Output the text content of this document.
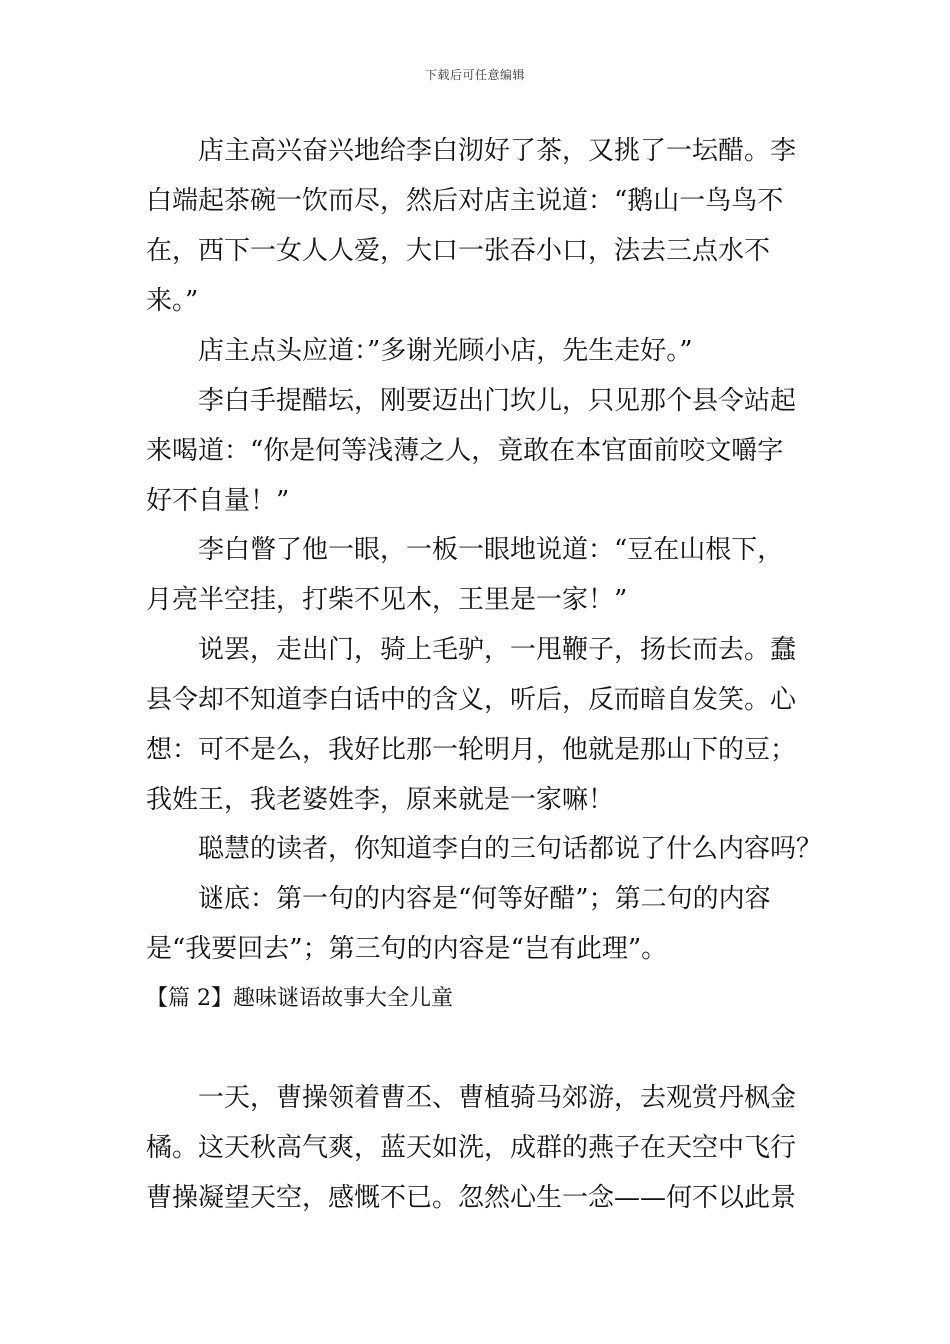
下载后可任意编辑
店主高兴奋兴地给李白沏好了茶，又挑了一坛醋。李
白端起茶碗一饮而尽，然后对店主说道：“鹅山一鸟鸟不
在，西下一女人人爱，大口一张吞小口，法去三点水不
来。”
店主点头应道：”多谢光顾小店，先生走好。”
李白手提醋坛，刚要迈出门坎儿，只见那个县令站起
来喝道：“你是何等浅薄之人，竟敢在本官面前咬文嚼字
好不自量！”
李白瞥了他一眼，一板一眼地说道：“豆在山根下，
月亮半空挂，打柴不见木，王里是一家！”
说罢，走出门，骑上毛驴，一甩鞭子，扬长而去。蠢
县令却不知道李白话中的含义，听后，反而暗自发笑。心
想：可不是么，我好比那一轮明月，他就是那山下的豆；
我姓王，我老婆姓李，原来就是一家嘛！
聪慧的读者，你知道李白的三句话都说了什么内容吗？
谜底：第一句的内容是“何等好醋”；第二句的内容
是“我要回去”；第三句的内容是“岂有此理”。
【篇 2】趣味谜语故事大全儿童
一天，曹操领着曹丕、曹植骑马郊游，去观赏丹枫金
橘。这天秋高气爽，蓝天如洗，成群的燕子在天空中飞行
曹操凝望天空，感慨不已。忽然心生一念——何不以此景
